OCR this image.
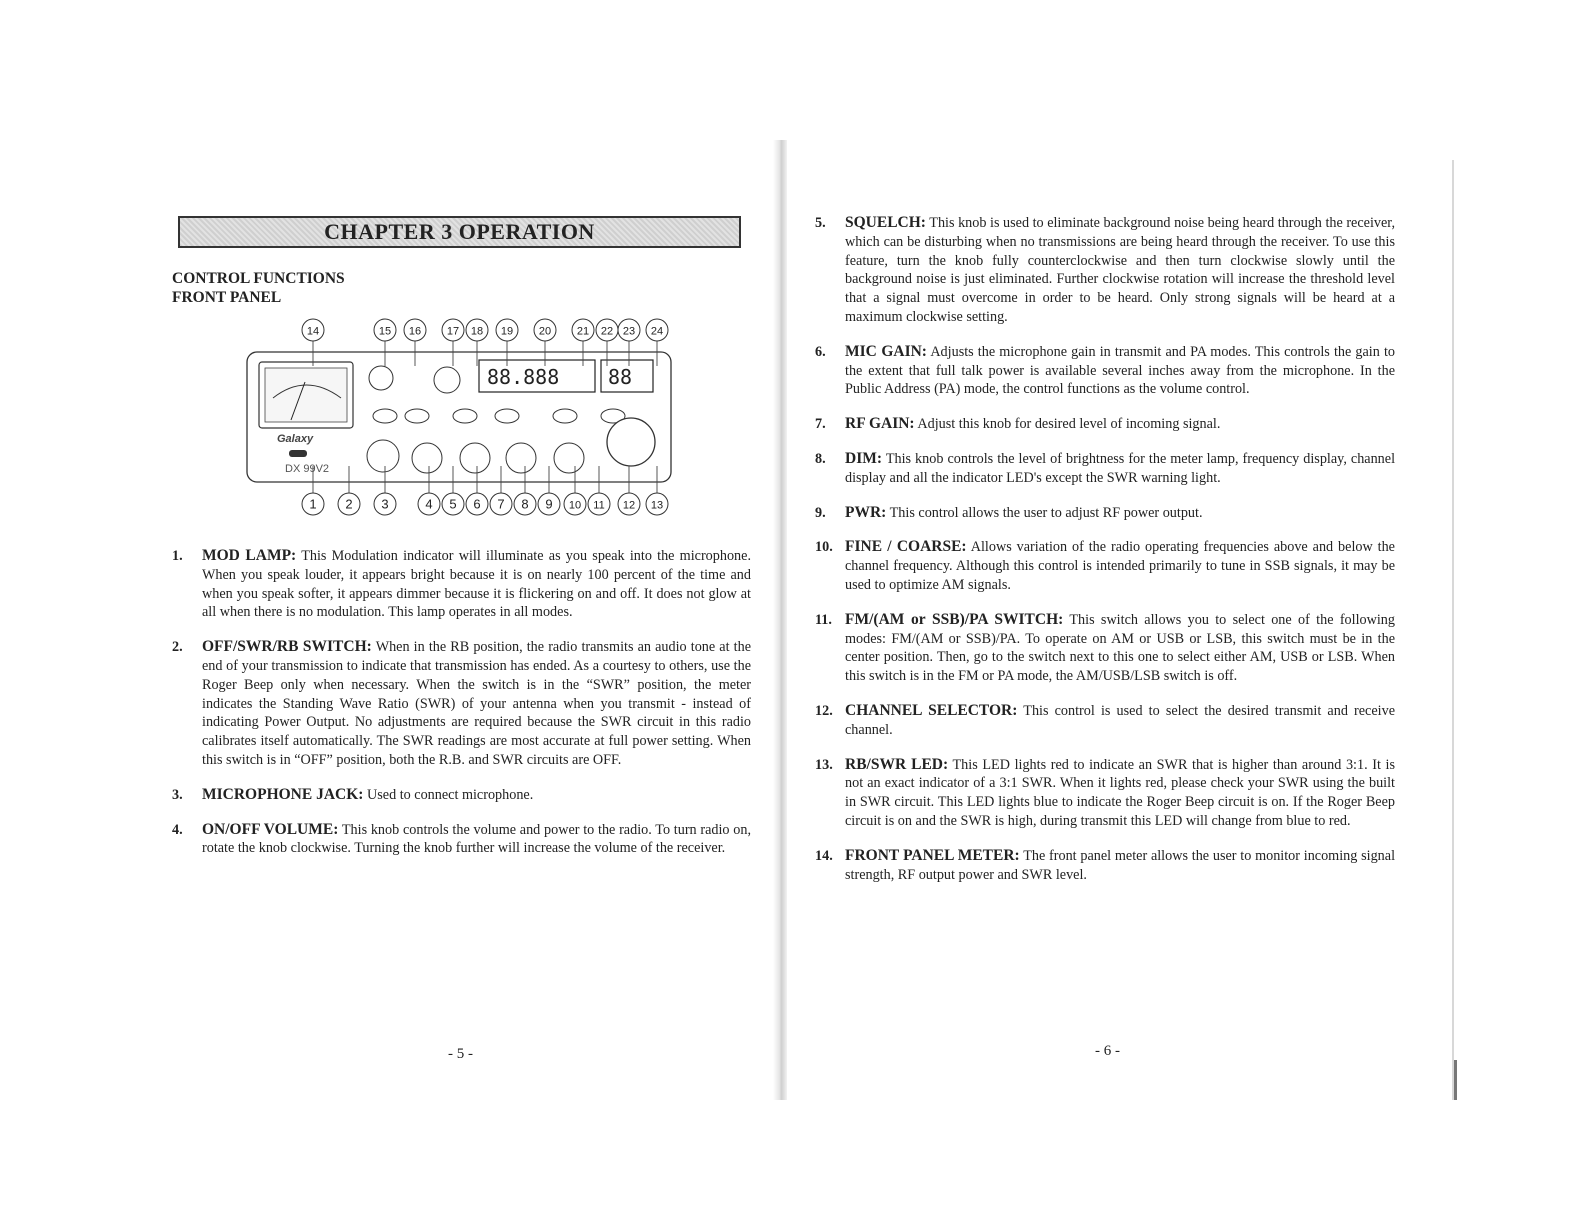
CHAPTER 3 OPERATION
CONTROL FUNCTIONS
FRONT PANEL
Galaxy
DX 99V2
88.888 88
14	15 16 17 18 19 20 21 22 23 24
1 2 3	4 5 6 7 8 9 10 11 12 13
1. MOD LAMP: This Modulation indicator will illuminate as you speak into the microphone. When you speak louder, it appears bright because it is on nearly 100 percent of the time and when you speak softer, it appears dimmer because it is flickering on and off. It does not glow at all when there is no modulation. This lamp operates in all modes.
2. OFF/SWR/RB SWITCH: When in the RB position, the radio transmits an audio tone at the end of your transmission to indicate that transmission has ended. As a courtesy to others, use the Roger Beep only when necessary. When the switch is in the “SWR” position, the meter indicates the Standing Wave Ratio (SWR) of your antenna when you transmit - instead of indicating Power Output. No adjustments are required because the SWR circuit in this radio calibrates itself automatically. The SWR readings are most accurate at full power setting. When this switch is in “OFF” position, both the R.B. and SWR circuits are OFF.
3. MICROPHONE JACK: Used to connect microphone.
4. ON/OFF VOLUME: This knob controls the volume and power to the radio. To turn radio on, rotate the knob clockwise. Turning the knob further will increase the volume of the receiver.
- 5 -
5. SQUELCH: This knob is used to eliminate background noise being heard through the receiver, which can be disturbing when no transmissions are being heard through the receiver. To use this feature, turn the knob fully counterclockwise and then turn clockwise slowly until the background noise is just eliminated. Further clockwise rotation will increase the threshold level that a signal must overcome in order to be heard. Only strong signals will be heard at a maximum clockwise setting.
6. MIC GAIN: Adjusts the microphone gain in transmit and PA modes. This controls the gain to the extent that full talk power is available several inches away from the microphone. In the Public Address (PA) mode, the control functions as the volume control.
7. RF GAIN: Adjust this knob for desired level of incoming signal.
8. DIM: This knob controls the level of brightness for the meter lamp, frequency display, channel display and all the indicator LED's except the SWR warning light.
9. PWR: This control allows the user to adjust RF power output.
10. FINE / COARSE: Allows variation of the radio operating frequencies above and below the channel frequency. Although this control is intended primarily to tune in SSB signals, it may be used to optimize AM signals.
11. FM/(AM or SSB)/PA SWITCH: This switch allows you to select one of the following modes: FM/(AM or SSB)/PA. To operate on AM or USB or LSB, this switch must be in the center position. Then, go to the switch next to this one to select either AM, USB or LSB. When this switch is in the FM or PA mode, the AM/USB/LSB switch is off.
12. CHANNEL SELECTOR: This control is used to select the desired transmit and receive channel.
13. RB/SWR LED: This LED lights red to indicate an SWR that is higher than around 3:1. It is not an exact indicator of a 3:1 SWR. When it lights red, please check your SWR using the built in SWR circuit. This LED lights blue to indicate the Roger Beep circuit is on. If the Roger Beep circuit is on and the SWR is high, during transmit this LED will change from blue to red.
14. FRONT PANEL METER: The front panel meter allows the user to monitor incoming signal strength, RF output power and SWR level.
- 6 -
